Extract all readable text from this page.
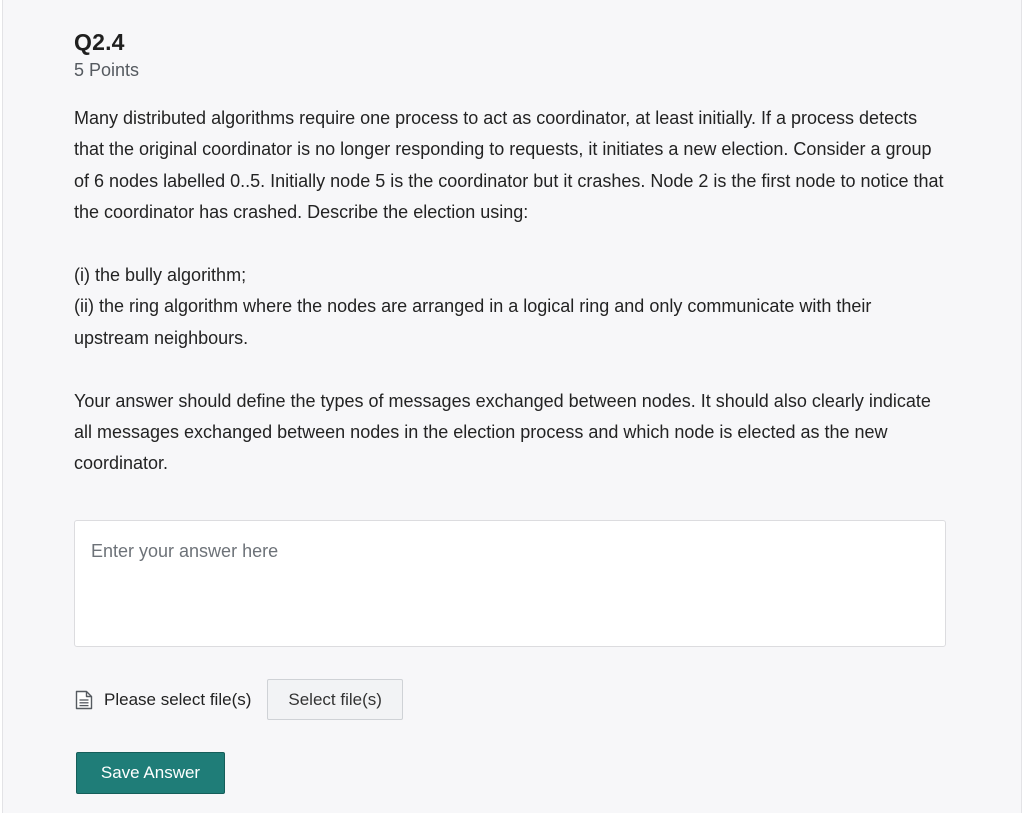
Q2.4
5 Points

Many distributed algorithms require one process to act as coordinator, at least initially. If a process detects that the original coordinator is no longer responding to requests, it initiates a new election. Consider a group

of 6 nodes labelled 0..5. Initially node 5 is the coordinator but it crashes. Node 2 is the first node to notice that the coordinator has crashed. Describe the election using:

(i) the bully algorithm;

(ii) the ring algorithm where the nodes are arranged in a logical ring and only communicate with their upstream neighbours.

Your answer should define the types of messages exchanged between nodes. It should also clearly indicate all messages exchanged between nodes in the election process and which node is elected as the new coordinator.

Enter your answer here
Please select file(s)	Select file(s)
Save Answer
